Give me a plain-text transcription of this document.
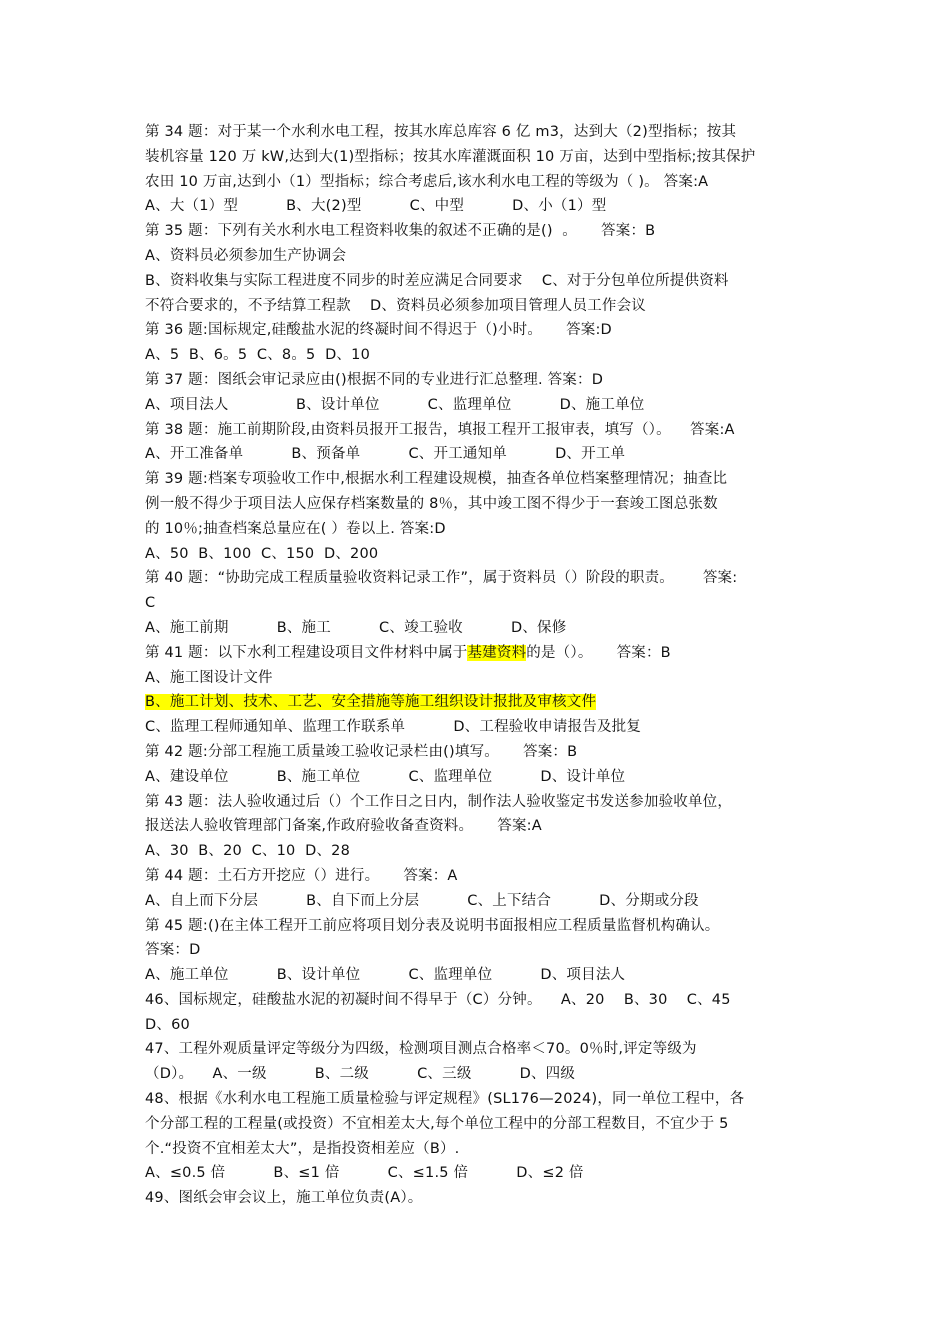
第 34 题：对于某一个水利水电工程，按其水库总库容 6 亿 m3，达到大（2)型指标；按其
装机容量 120 万 kW,达到大(1)型指标；按其水库灌溉面积 10 万亩，达到中型指标;按其保护
农田 10 万亩,达到小（1）型指标；综合考虑后,该水利水电工程的等级为（ )。 答案:A
A、大（1）型          B、大(2)型          C、中型          D、小（1）型
第 35 题：下列有关水利水电工程资料收集的叙述不正确的是()  。     答案：B
A、资料员必须参加生产协调会
B、资料收集与实际工程进度不同步的时差应满足合同要求    C、对于分包单位所提供资料
不符合要求的，不予结算工程款    D、资料员必须参加项目管理人员工作会议
第 36 题:国标规定,硅酸盐水泥的终凝时间不得迟于（)小时。     答案:D
A、5  B、6。5  C、8。5  D、10
第 37 题：图纸会审记录应由()根据不同的专业进行汇总整理. 答案：D
A、项目法人              B、设计单位          C、监理单位          D、施工单位
第 38 题：施工前期阶段,由资料员报开工报告，填报工程开工报审表，填写（）。    答案:A
A、开工准备单          B、预备单          C、开工通知单          D、开工单
第 39 题:档案专项验收工作中,根据水利工程建设规模，抽查各单位档案整理情况；抽查比
例一般不得少于项目法人应保存档案数量的 8％，其中竣工图不得少于一套竣工图总张数
的 10％;抽查档案总量应在( ）卷以上. 答案:D
A、50  B、100  C、150  D、200
第 40 题：“协助完成工程质量验收资料记录工作”，属于资料员（）阶段的职责。      答案:
C
A、施工前期          B、施工          C、竣工验收          D、保修
第 41 题：以下水利工程建设项目文件材料中属于基建资料的是（）。     答案：B
A、施工图设计文件
B、施工计划、技术、工艺、安全措施等施工组织设计报批及审核文件
C、监理工程师通知单、监理工作联系单          D、工程验收申请报告及批复
第 42 题:分部工程施工质量竣工验收记录栏由()填写。     答案：B
A、建设单位          B、施工单位          C、监理单位          D、设计单位
第 43 题：法人验收通过后（）个工作日之日内，制作法人验收鉴定书发送参加验收单位，
报送法人验收管理部门备案,作政府验收备查资料。     答案:A
A、30  B、20  C、10  D、28
第 44 题：土石方开挖应（）进行。     答案：A
A、自上而下分层          B、自下而上分层          C、上下结合          D、分期或分段
第 45 题:()在主体工程开工前应将项目划分表及说明书面报相应工程质量监督机构确认。
答案：D
A、施工单位          B、设计单位          C、监理单位          D、项目法人
46、国标规定，硅酸盐水泥的初凝时间不得早于（C）分钟。    A、20    B、30    C、45
D、60
47、工程外观质量评定等级分为四级，检测项目测点合格率＜70。0％时,评定等级为
（D）。    A、一级          B、二级          C、三级          D、四级
48、根据《水利水电工程施工质量检验与评定规程》(SL176—2024)，同一单位工程中，各
个分部工程的工程量(或投资）不宜相差太大,每个单位工程中的分部工程数目，不宜少于 5
个.“投资不宜相差太大”，是指投资相差应（B）.
A、≤0.5 倍          B、≤1 倍          C、≤1.5 倍          D、≤2 倍
49、图纸会审会议上，施工单位负责(A）。
